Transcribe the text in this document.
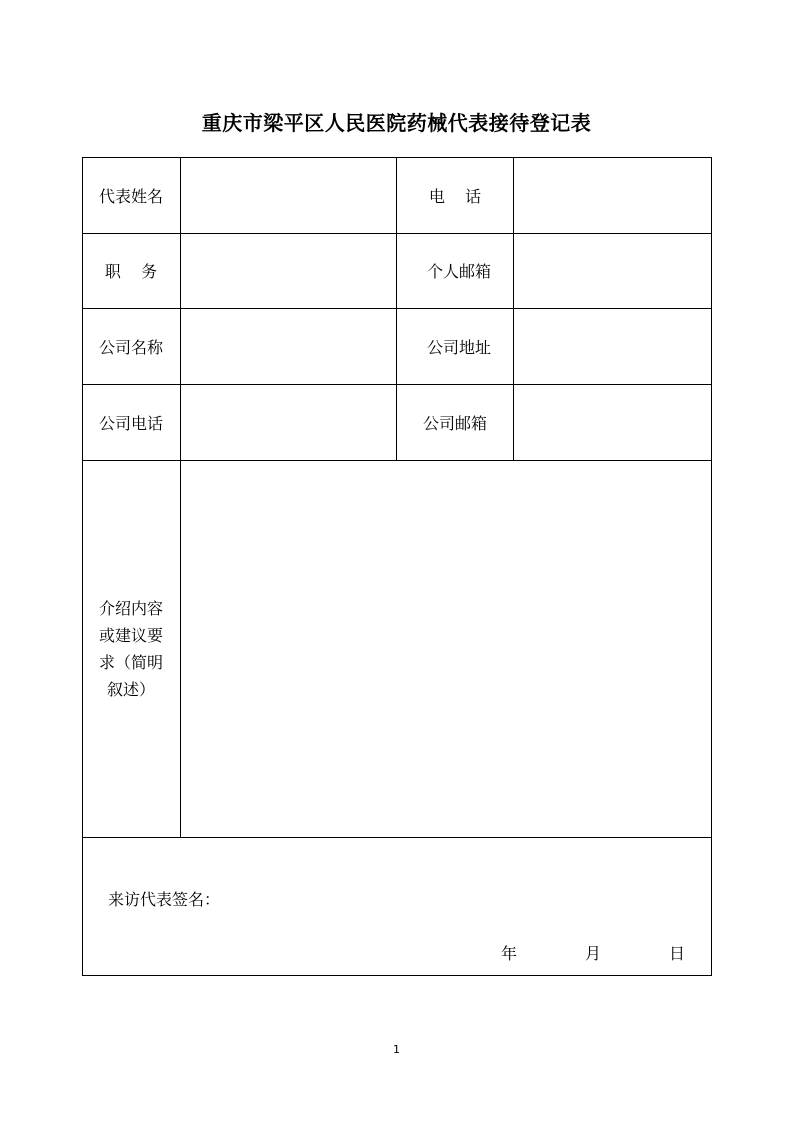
重庆市梁平区人民医院药械代表接待登记表
代表姓名	电    话
职    务	个人邮箱
公司名称	公司地址
公司电话	公司邮箱
介绍内容
或建议要
求（简明
叙述）
来访代表签名：
年	月	日
1
